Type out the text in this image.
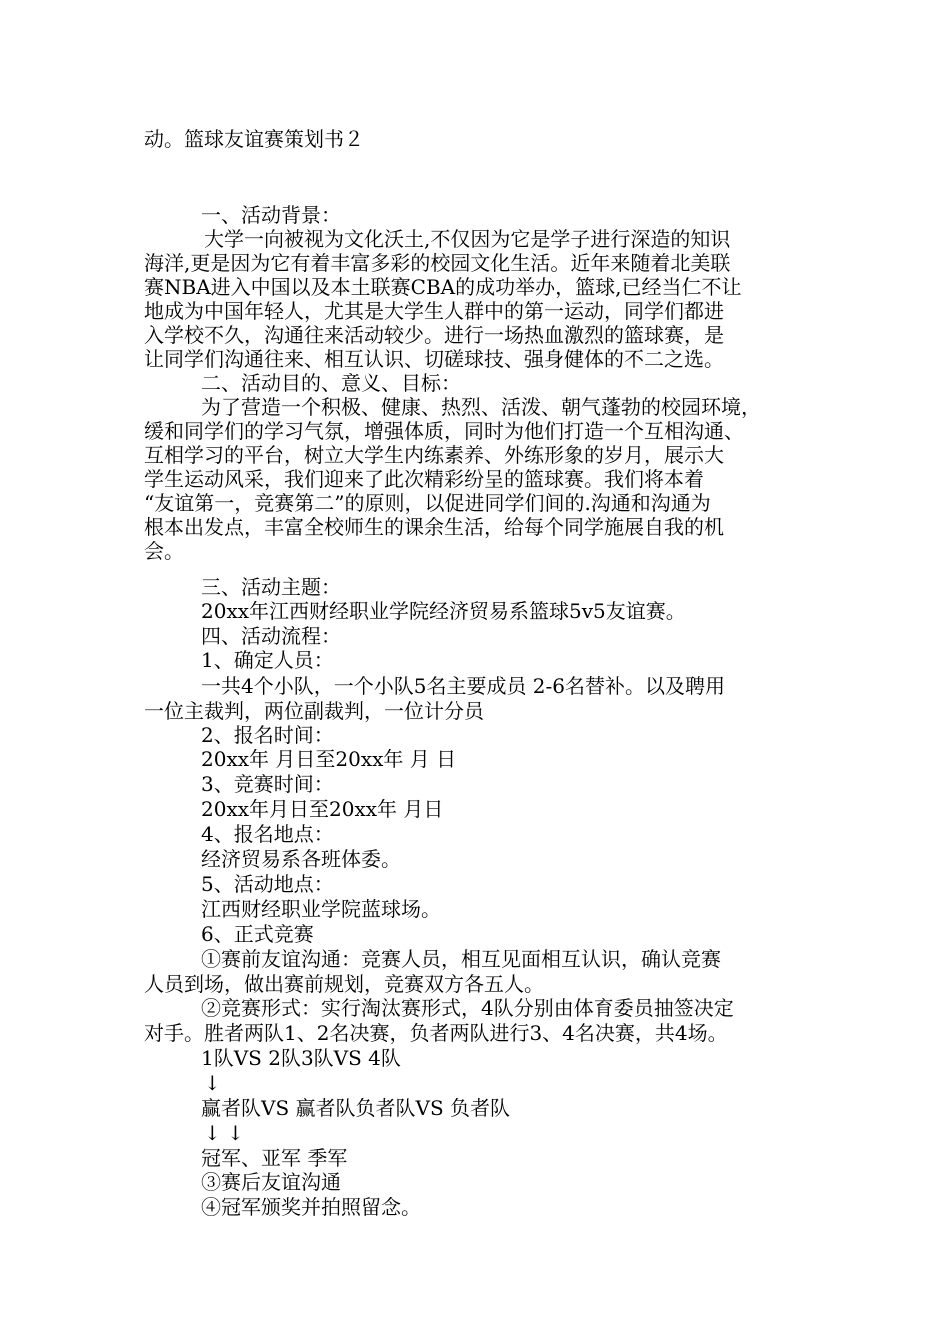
动。篮球友谊赛策划书２
一、活动背景：
大学一向被视为文化沃土,不仅因为它是学子进行深造的知识
海洋,更是因为它有着丰富多彩的校园文化生活。近年来随着北美联
赛NBA进入中国以及本土联赛CBA的成功举办，篮球,已经当仁不让
地成为中国年轻人，尤其是大学生人群中的第一运动，同学们都进
入学校不久，沟通往来活动较少。进行一场热血激烈的篮球赛，是
让同学们沟通往来、相互认识、切磋球技、强身健体的不二之选。
二、活动目的、意义、目标：
为了营造一个积极、健康、热烈、活泼、朝气蓬勃的校园环境，
缓和同学们的学习气氛，增强体质，同时为他们打造一个互相沟通、
互相学习的平台，树立大学生内练素养、外练形象的岁月，展示大
学生运动风采，我们迎来了此次精彩纷呈的篮球赛。我们将本着
“友谊第一，竞赛第二”的原则，以促进同学们间的.沟通和沟通为
根本出发点，丰富全校师生的课余生活，给每个同学施展自我的机
会。
三、活动主题：
20xx年江西财经职业学院经济贸易系篮球5v5友谊赛。
四、活动流程：
1、确定人员：
一共4个小队，一个小队5名主要成员 2-6名替补。以及聘用
一位主裁判，两位副裁判，一位计分员
2、报名时间：
20xx年 月日至20xx年 月 日
3、竞赛时间：
20xx年月日至20xx年 月日
4、报名地点：
经济贸易系各班体委。
5、活动地点：
江西财经职业学院蓝球场。
6、正式竞赛
①赛前友谊沟通：竞赛人员，相互见面相互认识，确认竞赛
人员到场，做出赛前规划，竞赛双方各五人。
②竞赛形式：实行淘汰赛形式，4队分别由体育委员抽签决定
对手。胜者两队1、2名决赛，负者两队进行3、4名决赛，共4场。
1队VS 2队3队VS 4队
↓
赢者队VS 赢者队负者队VS 负者队
↓ ↓
冠军、亚军 季军
③赛后友谊沟通
④冠军颁奖并拍照留念。
